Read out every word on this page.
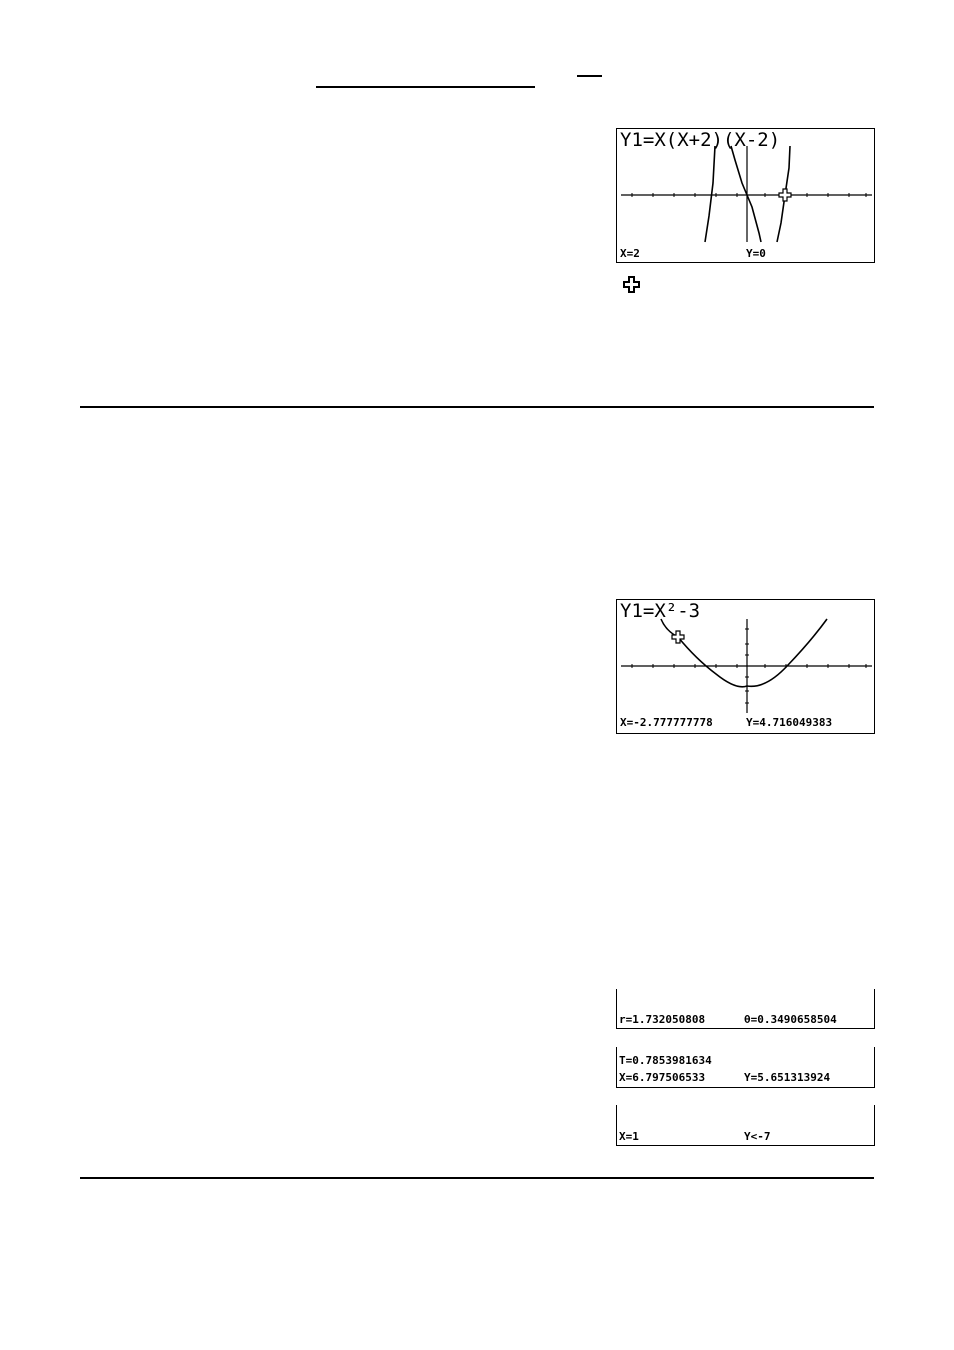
Y1=X(X+2)(X-2)
X=2	Y=0
Y1=X²-3
X=-2.777777778	Y=4.716049383
r=1.732050808	θ=0.3490658504
T=0.7853981634
X=6.797506533	Y=5.651313924
X=1	Y<-7
